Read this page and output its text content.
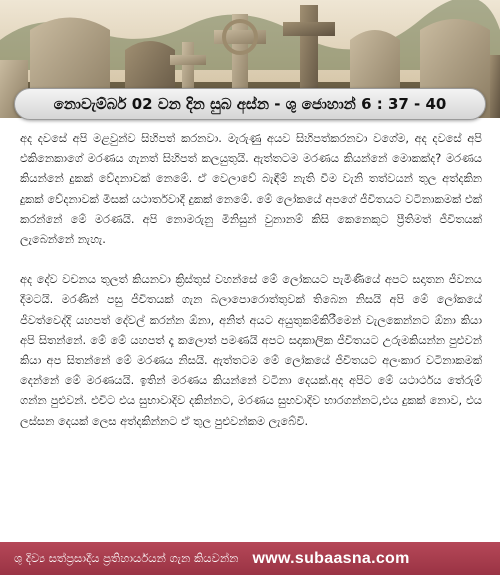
නොවැම්බර් 02 වන දින සුබ අස්න - ශු ජොහාන් 6 : 37 - 40

අද දවසේ අපි මළවුන්ව සිහිපත් කරනවා. මැරුණු අයව සිහිපත්කරනවා වගේම, අද දවසේ අපි එකිනෙකාගේ මරණය ගැනත් සිහිපත් කලයුතුයි. ඇත්තටම මරණය කියන්නේ මොකක්ද? මරණය කියන්නේ දුකක් වේදනාවක් නෙමේ. ඒ වෙලාවේ බැඳීම් නැති වීම වැනි තත්වයන් තුල අත්දකින දුකක් වේදනාවක් මිසක් යථාර්තවාදී දුකක් නෙමේ. මේ ලෝකයේ අපගේ ජීවිතයට වටිනාකමක් එක් කරන්නේ මේ මරණයි. අපි නොමරුනු මිනිසුන් වුනානම් කිසි කෙනෙකුට ප්‍රීතිමත් ජීවිතයක් ලැබෙන්නේ නැහැ.

අද දේව වචනය තුලත් කියනවා ක්‍රිස්තුස් වහන්සේ මේ ලෝකයට පැමිණියේ අපට සදාතන ජීවනය දීමටයි. මරණින් පසු ජීවිතයක් ගැන බලාපොරොත්තුවක් තිබෙන නිසයි අපි මේ ලෝකයේ ජීවත්වෙද්දි යහපත් දේවල් කරන්න ඕනා, අනිත් අයට අයුතුකම්කිරීමෙන් වැලකෙන්නට ඕනා කියා අපි සිතන්නේ. මේ මේ යහපත් දෑ කලොත් පමණයි අපට සදාකාලික ජීවිතයට උරුමකියන්න පුළුවන් කියා අප සිතන්නේ මේ මරණය නිසයි. ඇත්තටම මේ ලෝකයේ ජීවිතයට අලංකාර වටිනාකමක් දෙන්නේ මේ මරණයයි. ඉතින් මරණය කියන්නේ වටිනා දෙයක්.අද අපිට මේ යථාර්ථය තේරුම් ගන්න පුළුවන්. එවිට එය සුභාවාදිව දකින්නට, මරණය සුභවාදිව භාරගන්නට,එය දුකක් නොව, එය ලස්සන දෙයක් ලෙස අත්දකින්නට ඒ තුල පුළුවන්කම ලැබේවි.

ශු දිව්‍ය සත්ප්‍රසාදීය ප්‍රතිහාර්යයන් ගැන කියවන්න www.subaasna.com
